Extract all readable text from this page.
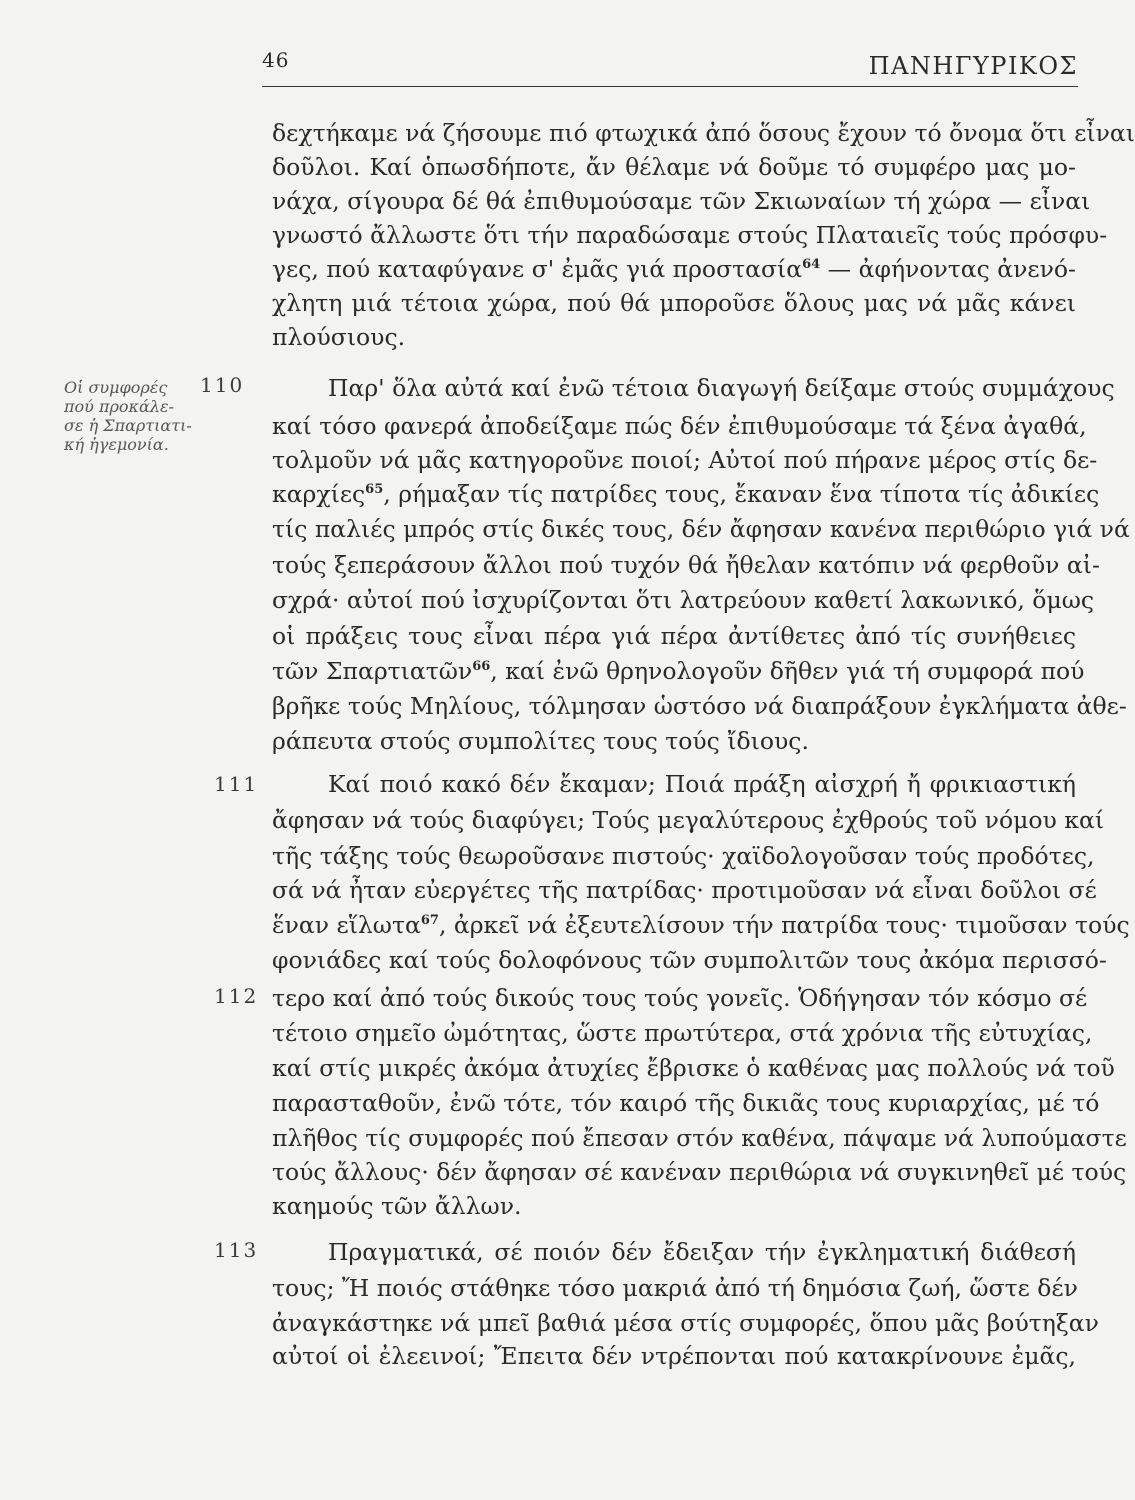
46	ΠΑΝΗΓΥΡΙΚΟΣ
Οἱ συμφορές
πού προκάλε-
σε ἡ Σπαρτιατι-
κή ἡγεμονία.
110
111
112
113
δεχτήκαμε νά ζήσουμε πιό φτωχικά ἀπό ὅσους ἔχουν τό ὄνομα ὅτι εἶναι
δοῦλοι. Καί ὁπωσδήποτε, ἄν θέλαμε νά δοῦμε τό συμφέρο μας μο-
νάχα, σίγουρα δέ θά ἐπιθυμούσαμε τῶν Σκιωναίων τή χώρα — εἶναι
γνωστό ἄλλωστε ὅτι τήν παραδώσαμε στούς Πλαταιεῖς τούς πρόσφυ-
γες, πού καταφύγανε σ' ἐμᾶς γιά προστασία$^{64}$ — ἀφήνοντας ἀνενό-
χλητη μιά τέτοια χώρα, πού θά μποροῦσε ὅλους μας νά μᾶς κάνει
πλούσιους.
Παρ' ὅλα αὐτά καί ἐνῶ τέτοια διαγωγή δείξαμε στούς συμμάχους
καί τόσο φανερά ἀποδείξαμε πώς δέν ἐπιθυμούσαμε τά ξένα ἀγαθά,
τολμοῦν νά μᾶς κατηγοροῦνε ποιοί; Αὐτοί πού πήρανε μέρος στίς δε-
καρχίες$^{65}$, ρήμαξαν τίς πατρίδες τους, ἔκαναν ἕνα τίποτα τίς ἀδικίες
τίς παλιές μπρός στίς δικές τους, δέν ἄφησαν κανένα περιθώριο γιά νά
τούς ξεπεράσουν ἄλλοι πού τυχόν θά ἤθελαν κατόπιν νά φερθοῦν αἰ-
σχρά· αὐτοί πού ἰσχυρίζονται ὅτι λατρεύουν καθετί λακωνικό, ὅμως
οἱ πράξεις τους εἶναι πέρα γιά πέρα ἀντίθετες ἀπό τίς συνήθειες
τῶν Σπαρτιατῶν$^{66}$, καί ἐνῶ θρηνολογοῦν δῆθεν γιά τή συμφορά πού
βρῆκε τούς Μηλίους, τόλμησαν ὡστόσο νά διαπράξουν ἐγκλήματα ἀθε-
ράπευτα στούς συμπολίτες τους τούς ἴδιους.
Καί ποιό κακό δέν ἔκαμαν; Ποιά πράξη αἰσχρή ἤ φρικιαστική
ἄφησαν νά τούς διαφύγει; Τούς μεγαλύτερους ἐχθρούς τοῦ νόμου καί
τῆς τάξης τούς θεωροῦσανε πιστούς· χαϊδολογοῦσαν τούς προδότες,
σά νά ἦταν εὐεργέτες τῆς πατρίδας· προτιμοῦσαν νά εἶναι δοῦλοι σέ
ἕναν εἵλωτα$^{67}$, ἀρκεῖ νά ἐξευτελίσουν τήν πατρίδα τους· τιμοῦσαν τούς
φονιάδες καί τούς δολοφόνους τῶν συμπολιτῶν τους ἀκόμα περισσό-
τερο καί ἀπό τούς δικούς τους τούς γονεῖς. Ὁδήγησαν τόν κόσμο σέ
τέτοιο σημεῖο ὠμότητας, ὥστε πρωτύτερα, στά χρόνια τῆς εὐτυχίας,
καί στίς μικρές ἀκόμα ἀτυχίες ἔβρισκε ὁ καθένας μας πολλούς νά τοῦ
παρασταθοῦν, ἐνῶ τότε, τόν καιρό τῆς δικιᾶς τους κυριαρχίας, μέ τό
πλῆθος τίς συμφορές πού ἔπεσαν στόν καθένα, πάψαμε νά λυπούμαστε
τούς ἄλλους· δέν ἄφησαν σέ κανέναν περιθώρια νά συγκινηθεῖ μέ τούς
καημούς τῶν ἄλλων.
Πραγματικά, σέ ποιόν δέν ἔδειξαν τήν ἐγκληματική διάθεσή
τους; Ἤ ποιός στάθηκε τόσο μακριά ἀπό τή δημόσια ζωή, ὥστε δέν
ἀναγκάστηκε νά μπεῖ βαθιά μέσα στίς συμφορές, ὅπου μᾶς βούτηξαν
αὐτοί οἱ ἐλεεινοί; Ἔπειτα δέν ντρέπονται πού κατακρίνουνε ἐμᾶς,
